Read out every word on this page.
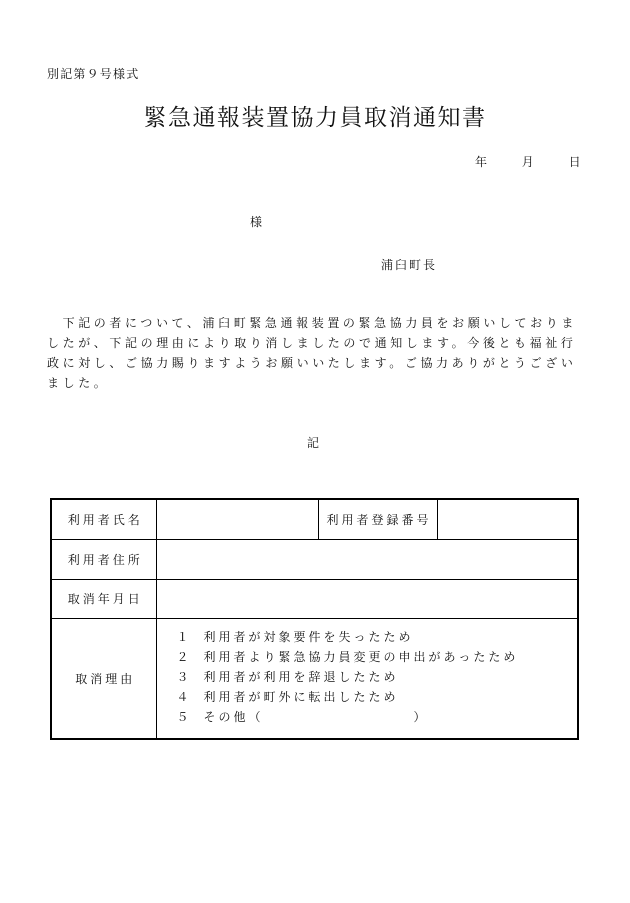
別記第９号様式
緊急通報装置協力員取消通知書
年　　月　　日
様
浦臼町長
　下記の者について、浦臼町緊急通報装置の緊急協力員をお願いしておりま
したが、下記の理由により取り消しましたので通知します。今後とも福祉行
政に対し、ご協力賜りますようお願いいたします。ご協力ありがとうござい
ました。
記
利用者氏名		利用者登録番号	
利用者住所			
取消年月日			
取消理由	１ 利用者が対象要件を失ったため
２ 利用者より緊急協力員変更の申出があったため
３ 利用者が利用を辞退したため
４ 利用者が町外に転出したため
５ その他（　　　　　　　　　　）		
